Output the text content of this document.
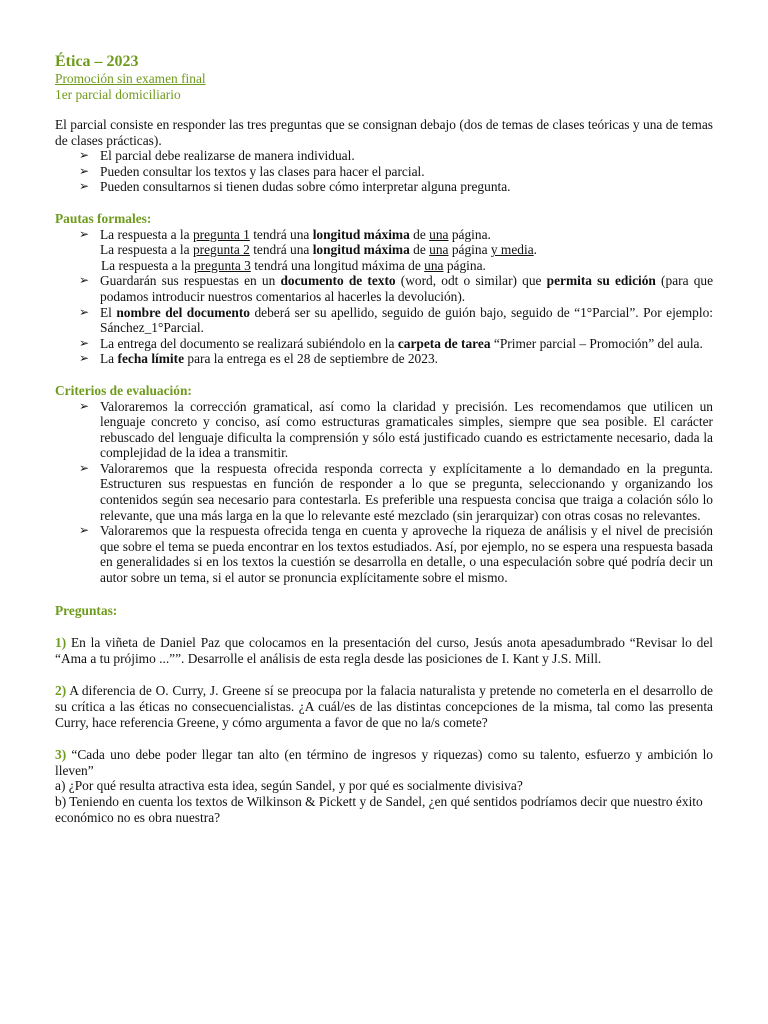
Ética – 2023
Promoción sin examen final
1er parcial domiciliario

El parcial consiste en responder las tres preguntas que se consignan debajo (dos de temas de clases teóricas y una de temas de clases prácticas).

➢ El parcial debe realizarse de manera individual.
➢ Pueden consultar los textos y las clases para hacer el parcial.
➢ Pueden consultarnos si tienen dudas sobre cómo interpretar alguna pregunta.
Pautas formales:
➢ La respuesta a la pregunta 1 tendrá una longitud máxima de una página.
La respuesta a la pregunta 2 tendrá una longitud máxima de una página y media.
La respuesta a la pregunta 3 tendrá una longitud máxima de una página.
➢ Guardarán sus respuestas en un documento de texto (word, odt o similar) que permita su edición (para que podamos introducir nuestros comentarios al hacerles la devolución).
➢ El nombre del documento deberá ser su apellido, seguido de guión bajo, seguido de “1°Parcial”. Por ejemplo: Sánchez_1°Parcial.
➢ La entrega del documento se realizará subiéndolo en la carpeta de tarea “Primer parcial – Promoción” del aula.
➢ La fecha límite para la entrega es el 28 de septiembre de 2023.
Criterios de evaluación:
➢ Valoraremos la corrección gramatical, así como la claridad y precisión. Les recomendamos que utilicen un lenguaje concreto y conciso, así como estructuras gramaticales simples, siempre que sea posible. El carácter rebuscado del lenguaje dificulta la comprensión y sólo está justificado cuando es estrictamente necesario, dada la complejidad de la idea a transmitir.
➢ Valoraremos que la respuesta ofrecida responda correcta y explícitamente a lo demandado en la pregunta. Estructuren sus respuestas en función de responder a lo que se pregunta, seleccionando y organizando los contenidos según sea necesario para contestarla. Es preferible una respuesta concisa que traiga a colación sólo lo relevante, que una más larga en la que lo relevante esté mezclado (sin jerarquizar) con otras cosas no relevantes.
➢ Valoraremos que la respuesta ofrecida tenga en cuenta y aproveche la riqueza de análisis y el nivel de precisión que sobre el tema se pueda encontrar en los textos estudiados. Así, por ejemplo, no se espera una respuesta basada en generalidades si en los textos la cuestión se desarrolla en detalle, o una especulación sobre qué podría decir un autor sobre un tema, si el autor se pronuncia explícitamente sobre el mismo.
Preguntas:

1) En la viñeta de Daniel Paz que colocamos en la presentación del curso, Jesús anota apesadumbrado “Revisar lo del “Ama a tu prójimo ...””. Desarrolle el análisis de esta regla desde las posiciones de I. Kant y J.S. Mill.

2) A diferencia de O. Curry, J. Greene sí se preocupa por la falacia naturalista y pretende no cometerla en el desarrollo de su crítica a las éticas no consecuencialistas. ¿A cuál/es de las distintas concepciones de la misma, tal como las presenta Curry, hace referencia Greene, y cómo argumenta a favor de que no la/s comete?

3) “Cada uno debe poder llegar tan alto (en término de ingresos y riquezas) como su talento, esfuerzo y ambición lo lleven”

a) ¿Por qué resulta atractiva esta idea, según Sandel, y por qué es socialmente divisiva?

b) Teniendo en cuenta los textos de Wilkinson & Pickett y de Sandel, ¿en qué sentidos podríamos decir que nuestro éxito económico no es obra nuestra?
